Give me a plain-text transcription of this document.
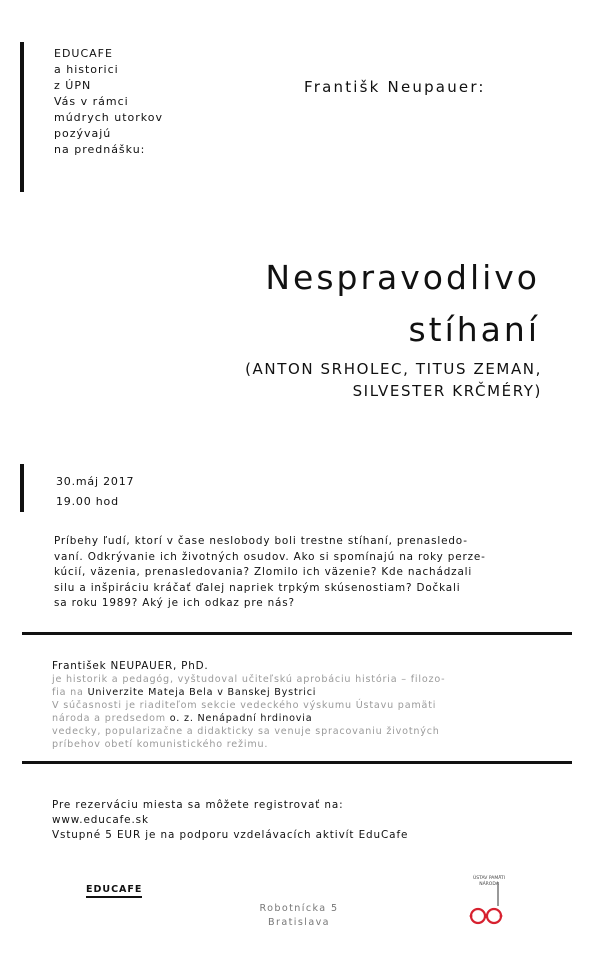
EDUCAFE
a historici
z ÚPN
Vás v rámci
múdrych utorkov
pozývajú
na prednášku:
Františk Neupauer:
Nespravodlivo
stíhaní
(ANTON SRHOLEC, TITUS ZEMAN,
SILVESTER KRČMÉRY)
30.máj 2017
19.00 hod
Príbehy ľudí, ktorí v čase neslobody boli trestne stíhaní, prenasledo-
vaní. Odkrývanie ich životných osudov. Ako si spomínajú na roky perze-
kúcií, väzenia, prenasledovania? Zlomilo ich väzenie? Kde nachádzali
silu a inšpiráciu kráčať ďalej napriek trpkým skúsenostiam? Dočkali
sa roku 1989? Aký je ich odkaz pre nás?
František NEUPAUER, PhD.
je historik a pedagóg, vyštudoval učiteľskú aprobáciu história – filozo-
fia na Univerzite Mateja Bela v Banskej Bystrici
V súčasnosti je riaditeľom sekcie vedeckého výskumu Ústavu pamäti
národa a predsedom o. z. Nenápadní hrdinovia
vedecky, popularizačne a didakticky sa venuje spracovaniu životných
príbehov obetí komunistického režimu.
Pre rezerváciu miesta sa môžete registrovať na:
www.educafe.sk
Vstupné 5 EUR je na podporu vzdelávacích aktivít EduCafe
EDUCAFE
Robotnícka 5
Bratislava
ÚSTAV PAMÄTI NÁRODA
